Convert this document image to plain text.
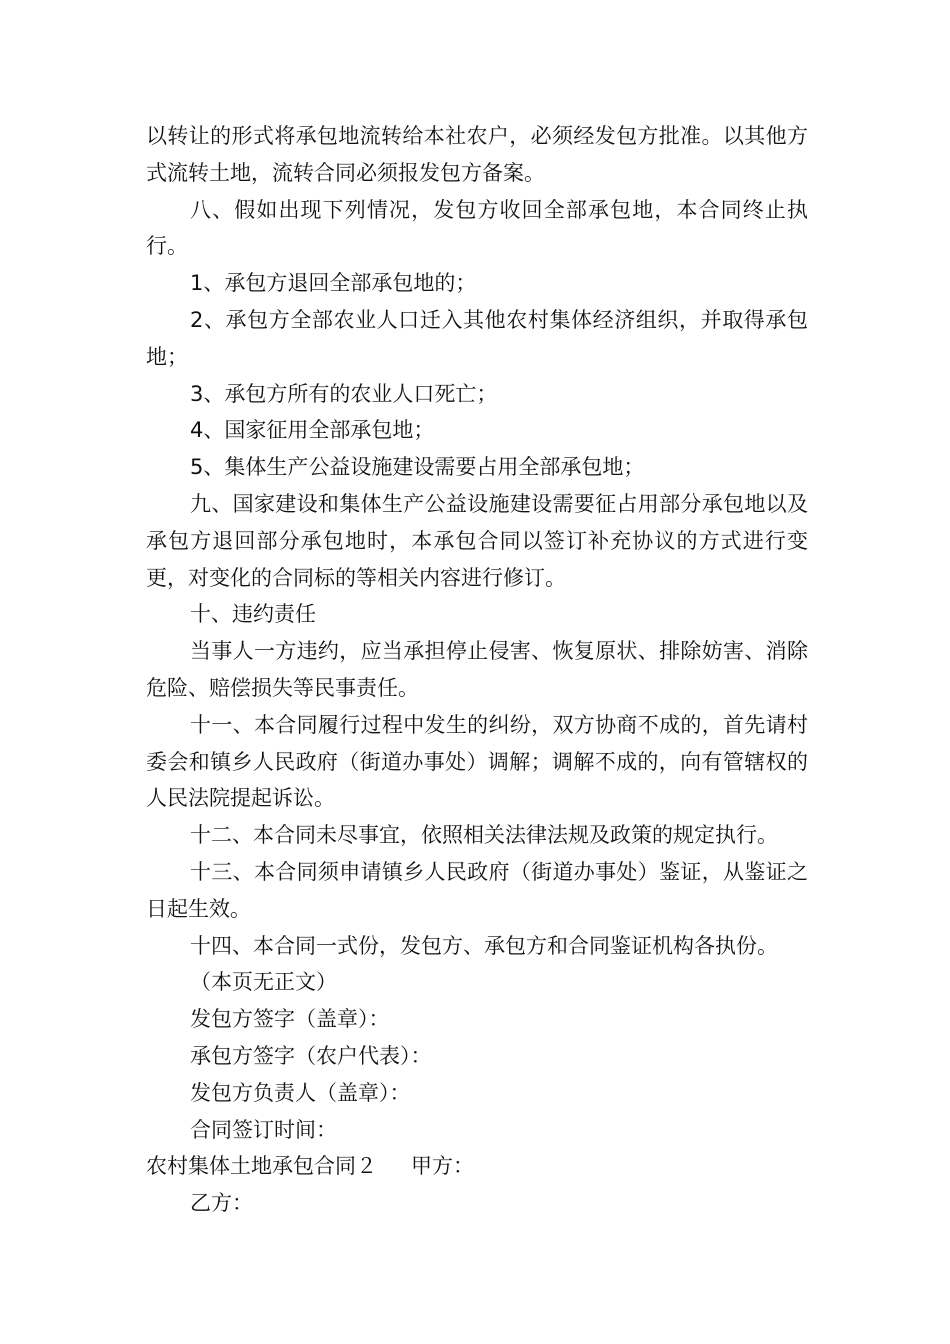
以转让的形式将承包地流转给本社农户，必须经发包方批准。以其他方式流转土地，流转合同必须报发包方备案。

八、假如出现下列情况，发包方收回全部承包地，本合同终止执行。

1、承包方退回全部承包地的；

2、承包方全部农业人口迁入其他农村集体经济组织，并取得承包地；

3、承包方所有的农业人口死亡；

4、国家征用全部承包地；

5、集体生产公益设施建设需要占用全部承包地；

九、国家建设和集体生产公益设施建设需要征占用部分承包地以及承包方退回部分承包地时，本承包合同以签订补充协议的方式进行变更，对变化的合同标的等相关内容进行修订。

十、违约责任

当事人一方违约，应当承担停止侵害、恢复原状、排除妨害、消除危险、赔偿损失等民事责任。

十一、本合同履行过程中发生的纠纷，双方协商不成的，首先请村委会和镇乡人民政府（街道办事处）调解；调解不成的，向有管辖权的人民法院提起诉讼。

十二、本合同未尽事宜，依照相关法律法规及政策的规定执行。

十三、本合同须申请镇乡人民政府（街道办事处）鉴证，从鉴证之日起生效。

十四、本合同一式份，发包方、承包方和合同鉴证机构各执份。

（本页无正文）

发包方签字（盖章）：

承包方签字（农户代表）：

发包方负责人（盖章）：

合同签订时间：

农村集体土地承包合同２ 甲方：

乙方：
